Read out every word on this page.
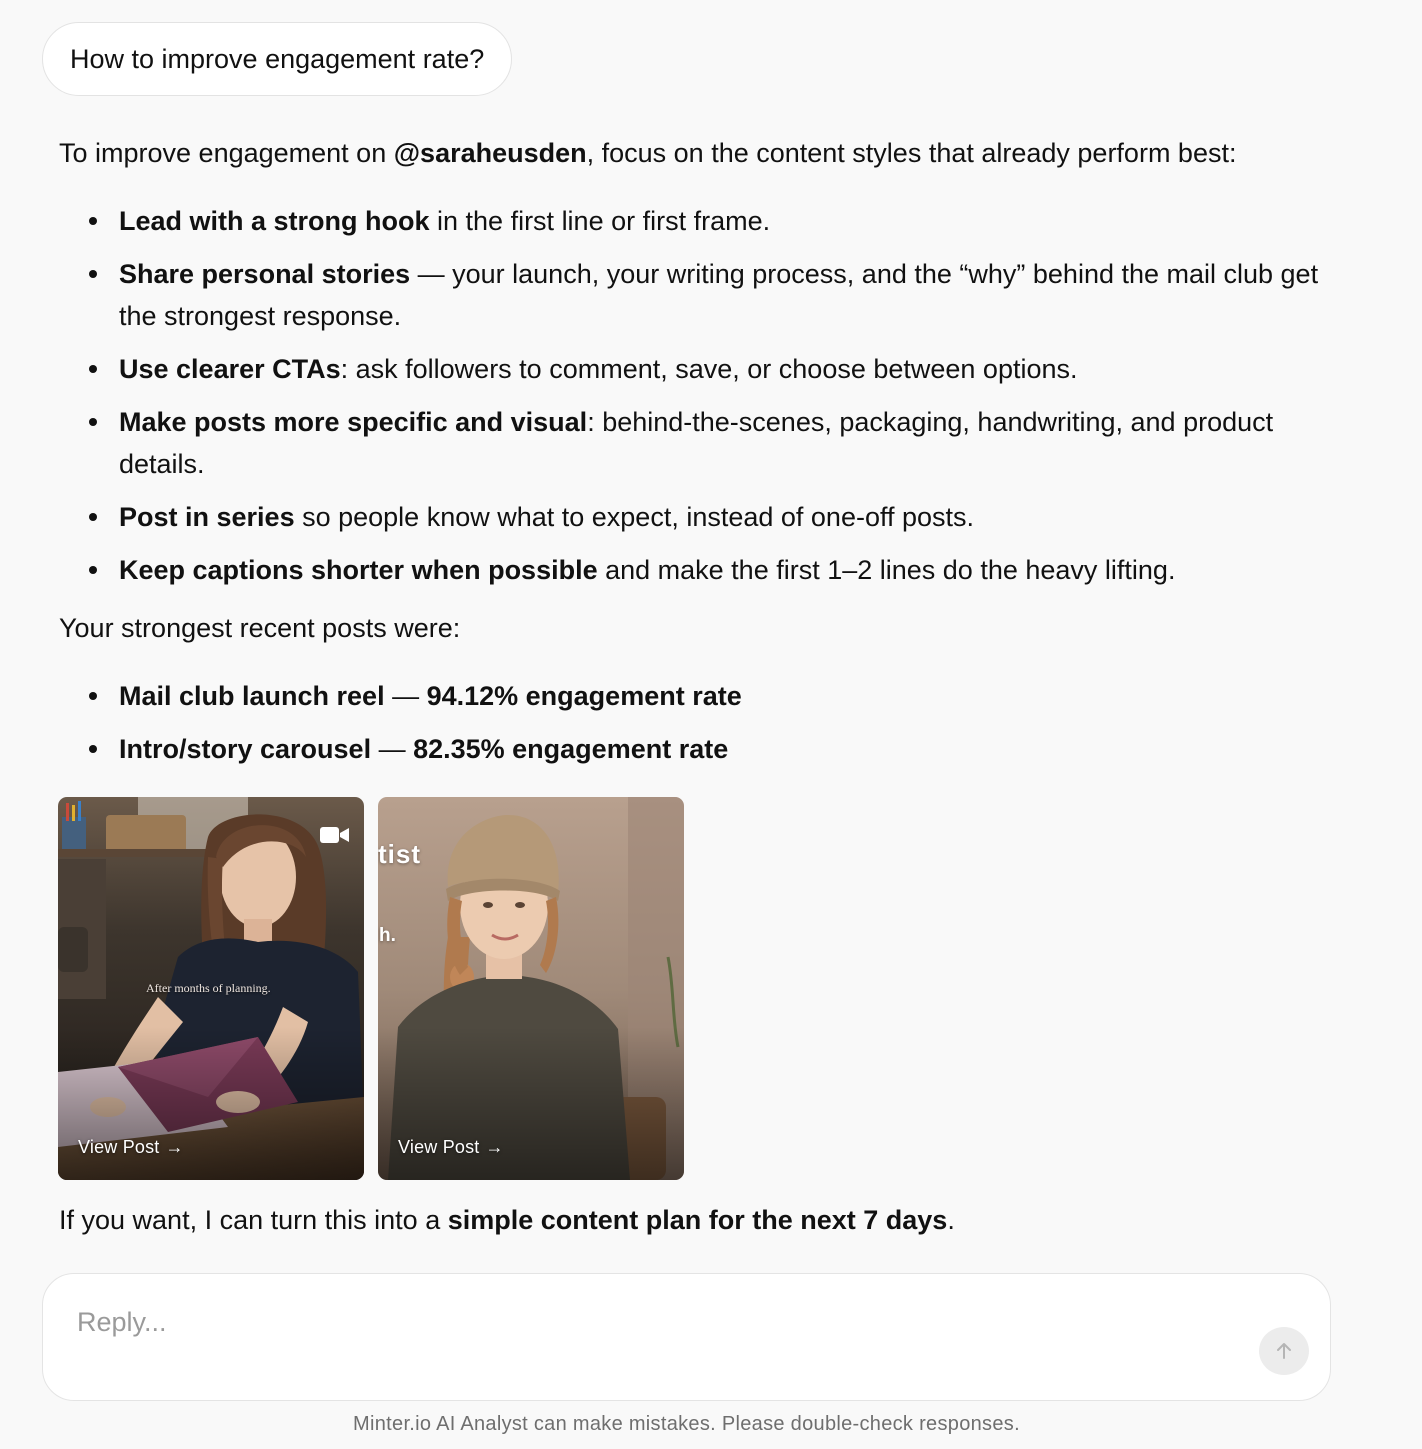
How to improve engagement rate?

To improve engagement on @saraheusden, focus on the content styles that already perform best:

Lead with a strong hook in the first line or first frame.
Share personal stories — your launch, your writing process, and the “why” behind the mail club get the strongest response.
Use clearer CTAs: ask followers to comment, save, or choose between options.
Make posts more specific and visual: behind-the-scenes, packaging, handwriting, and product details.
Post in series so people know what to expect, instead of one-off posts.
Keep captions shorter when possible and make the first 1–2 lines do the heavy lifting.

Your strongest recent posts were:

Mail club launch reel — 94.12% engagement rate
Intro/story carousel — 82.35% engagement rate
After months of planning.
View Post →
tist
h.
View Post →

If you want, I can turn this into a simple content plan for the next 7 days.

Reply...
Minter.io AI Analyst can make mistakes. Please double-check responses.
